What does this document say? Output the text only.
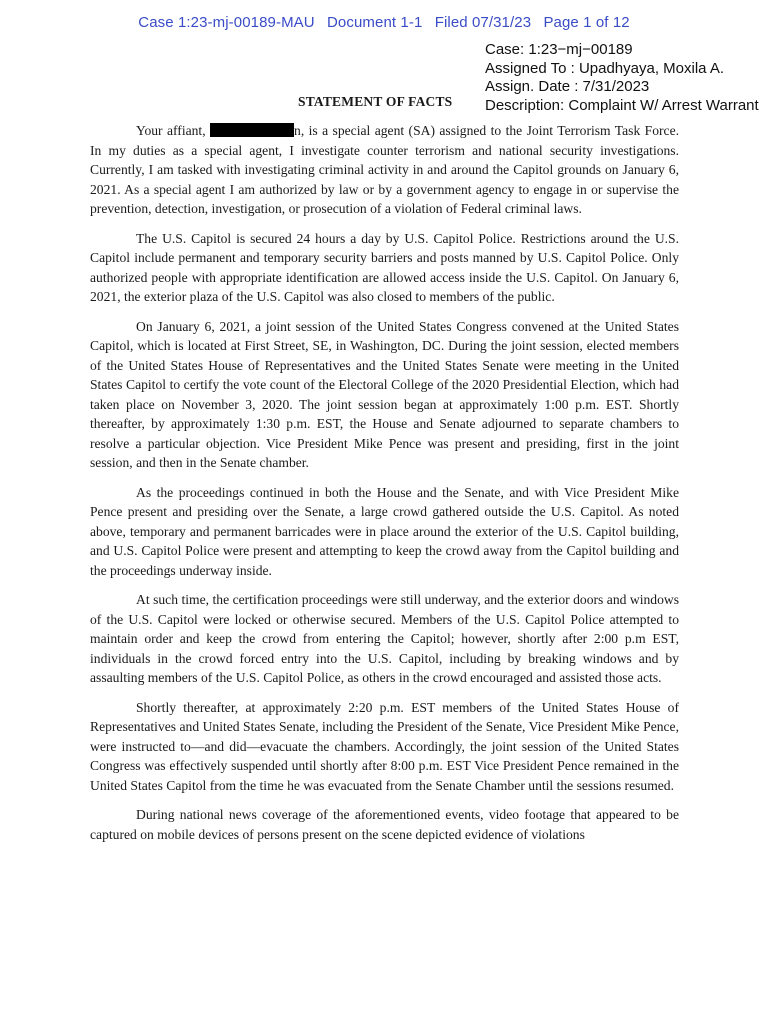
Case 1:23-mj-00189-MAU Document 1-1 Filed 07/31/23 Page 1 of 12
Case: 1:23−mj−00189
Assigned To : Upadhyaya, Moxila A.
Assign. Date : 7/31/2023
Description: Complaint W/ Arrest Warrant
STATEMENT OF FACTS

Your affiant,	n, is a special agent (SA) assigned to the Joint Terrorism Task Force. In my duties as a special agent, I investigate counter terrorism and national security investigations. Currently, I am tasked with investigating criminal activity in and around the Capitol grounds on January 6, 2021. As a special agent I am authorized by law or by a government agency to engage in or supervise the prevention, detection, investigation, or prosecution of a violation of Federal criminal laws.

The U.S. Capitol is secured 24 hours a day by U.S. Capitol Police. Restrictions around the U.S. Capitol include permanent and temporary security barriers and posts manned by U.S. Capitol Police. Only authorized people with appropriate identification are allowed access inside the U.S. Capitol. On January 6, 2021, the exterior plaza of the U.S. Capitol was also closed to members of the public.

On January 6, 2021, a joint session of the United States Congress convened at the United States Capitol, which is located at First Street, SE, in Washington, DC. During the joint session, elected members of the United States House of Representatives and the United States Senate were meeting in the United States Capitol to certify the vote count of the Electoral College of the 2020 Presidential Election, which had taken place on November 3, 2020. The joint session began at approximately 1:00 p.m. EST. Shortly thereafter, by approximately 1:30 p.m. EST, the House and Senate adjourned to separate chambers to resolve a particular objection. Vice President Mike Pence was present and presiding, first in the joint session, and then in the Senate chamber.

As the proceedings continued in both the House and the Senate, and with Vice President Mike Pence present and presiding over the Senate, a large crowd gathered outside the U.S. Capitol. As noted above, temporary and permanent barricades were in place around the exterior of the U.S. Capitol building, and U.S. Capitol Police were present and attempting to keep the crowd away from the Capitol building and the proceedings underway inside.

At such time, the certification proceedings were still underway, and the exterior doors and windows of the U.S. Capitol were locked or otherwise secured. Members of the U.S. Capitol Police attempted to maintain order and keep the crowd from entering the Capitol; however, shortly after 2:00 p.m EST, individuals in the crowd forced entry into the U.S. Capitol, including by breaking windows and by assaulting members of the U.S. Capitol Police, as others in the crowd encouraged and assisted those acts.

Shortly thereafter, at approximately 2:20 p.m. EST members of the United States House of Representatives and United States Senate, including the President of the Senate, Vice President Mike Pence, were instructed to—and did—evacuate the chambers. Accordingly, the joint session of the United States Congress was effectively suspended until shortly after 8:00 p.m. EST Vice President Pence remained in the United States Capitol from the time he was evacuated from the Senate Chamber until the sessions resumed.

During national news coverage of the aforementioned events, video footage that appeared to be captured on mobile devices of persons present on the scene depicted evidence of violations
